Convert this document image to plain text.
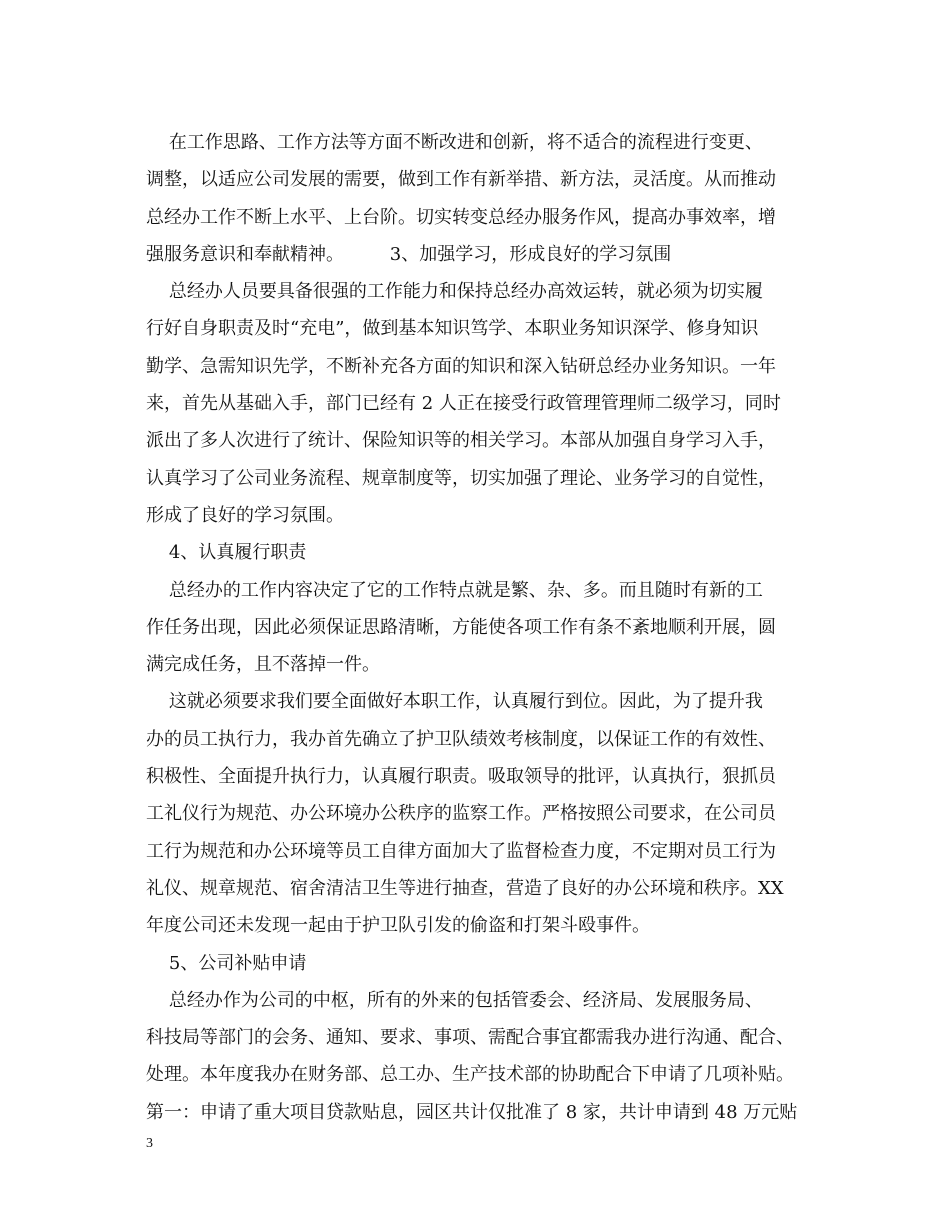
在工作思路、工作方法等方面不断改进和创新，将不适合的流程进行变更、
调整，以适应公司发展的需要，做到工作有新举措、新方法，灵活度。从而推动
总经办工作不断上水平、上台阶。切实转变总经办服务作风，提高办事效率，增
强服务意识和奉献精神。        3、加强学习，形成良好的学习氛围
总经办人员要具备很强的工作能力和保持总经办高效运转，就必须为切实履
行好自身职责及时“充电”，做到基本知识笃学、本职业务知识深学、修身知识
勤学、急需知识先学，不断补充各方面的知识和深入钻研总经办业务知识。一年
来，首先从基础入手，部门已经有 2 人正在接受行政管理管理师二级学习，同时
派出了多人次进行了统计、保险知识等的相关学习。本部从加强自身学习入手，
认真学习了公司业务流程、规章制度等，切实加强了理论、业务学习的自觉性，
形成了良好的学习氛围。
4、认真履行职责
总经办的工作内容决定了它的工作特点就是繁、杂、多。而且随时有新的工
作任务出现，因此必须保证思路清晰，方能使各项工作有条不紊地顺利开展，圆
满完成任务，且不落掉一件。
这就必须要求我们要全面做好本职工作，认真履行到位。因此，为了提升我
办的员工执行力，我办首先确立了护卫队绩效考核制度，以保证工作的有效性、
积极性、全面提升执行力，认真履行职责。吸取领导的批评，认真执行，狠抓员
工礼仪行为规范、办公环境办公秩序的监察工作。严格按照公司要求，在公司员
工行为规范和办公环境等员工自律方面加大了监督检查力度，不定期对员工行为
礼仪、规章规范、宿舍清洁卫生等进行抽查，营造了良好的办公环境和秩序。XX
年度公司还未发现一起由于护卫队引发的偷盗和打架斗殴事件。
5、公司补贴申请
总经办作为公司的中枢，所有的外来的包括管委会、经济局、发展服务局、
科技局等部门的会务、通知、要求、事项、需配合事宜都需我办进行沟通、配合、
处理。本年度我办在财务部、总工办、生产技术部的协助配合下申请了几项补贴。
第一：申请了重大项目贷款贴息，园区共计仅批准了 8 家，共计申请到 48 万元贴
3
